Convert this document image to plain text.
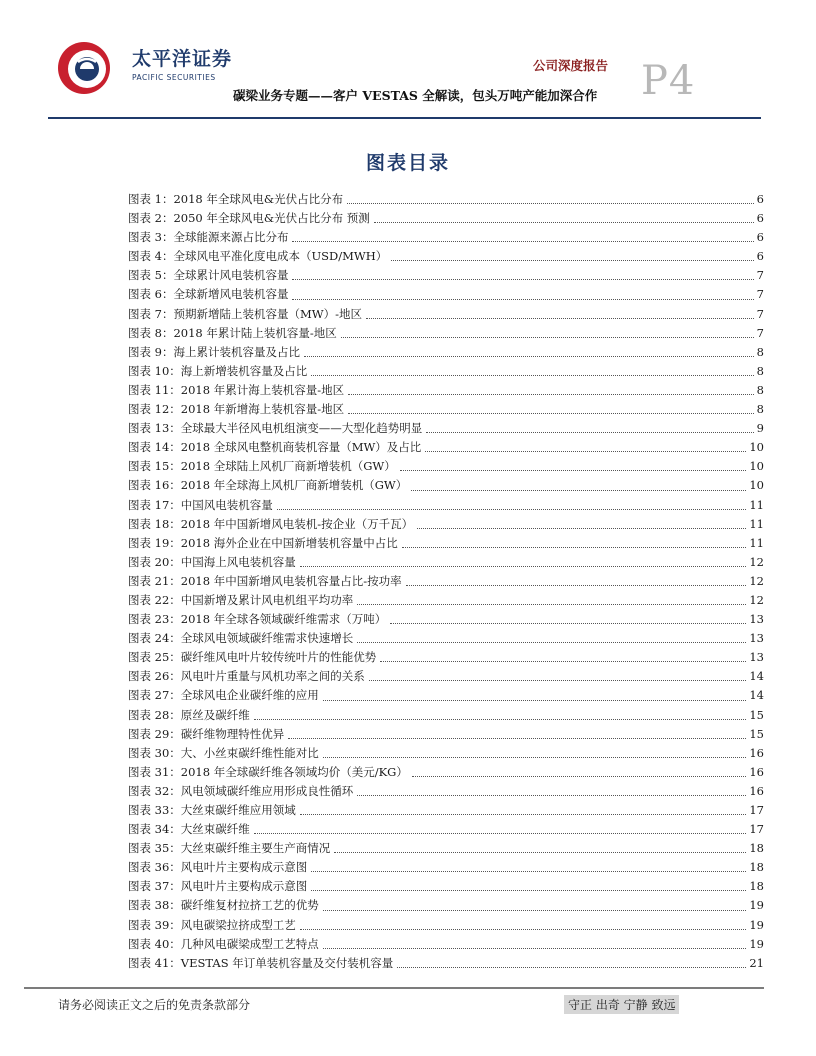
太平洋证券
PACIFIC SECURITIES
公司深度报告
碳梁业务专题——客户 VESTAS 全解读，包头万吨产能加深合作 P4
图表目录
图表 1：2018 年全球风电&光伏占比分布	6
图表 2：2050 年全球风电&光伏占比分布 预测	6
图表 3：全球能源来源占比分布	6
图表 4：全球风电平准化度电成本（USD/MWH）	6
图表 5：全球累计风电装机容量	7
图表 6：全球新增风电装机容量	7
图表 7：预期新增陆上装机容量（MW）-地区	7
图表 8：2018 年累计陆上装机容量-地区	7
图表 9：海上累计装机容量及占比	8
图表 10：海上新增装机容量及占比	8
图表 11：2018 年累计海上装机容量-地区	8
图表 12：2018 年新增海上装机容量-地区	8
图表 13：全球最大半径风电机组演变——大型化趋势明显	9
图表 14：2018 全球风电整机商装机容量（MW）及占比	10
图表 15：2018 全球陆上风机厂商新增装机（GW）	10
图表 16：2018 年全球海上风机厂商新增装机（GW）	10
图表 17：中国风电装机容量	11
图表 18：2018 年中国新增风电装机-按企业（万千瓦）	11
图表 19：2018 海外企业在中国新增装机容量中占比	11
图表 20：中国海上风电装机容量	12
图表 21：2018 年中国新增风电装机容量占比-按功率	12
图表 22：中国新增及累计风电机组平均功率	12
图表 23：2018 年全球各领域碳纤维需求（万吨）	13
图表 24：全球风电领域碳纤维需求快速增长	13
图表 25：碳纤维风电叶片较传统叶片的性能优势	13
图表 26：风电叶片重量与风机功率之间的关系	14
图表 27：全球风电企业碳纤维的应用	14
图表 28：原丝及碳纤维	15
图表 29：碳纤维物理特性优异	15
图表 30：大、小丝束碳纤维性能对比	16
图表 31：2018 年全球碳纤维各领域均价（美元/KG）	16
图表 32：风电领域碳纤维应用形成良性循环	16
图表 33：大丝束碳纤维应用领域	17
图表 34：大丝束碳纤维	17
图表 35：大丝束碳纤维主要生产商情况	18
图表 36：风电叶片主要构成示意图	18
图表 37：风电叶片主要构成示意图	18
图表 38：碳纤维复材拉挤工艺的优势	19
图表 39：风电碳梁拉挤成型工艺	19
图表 40：几种风电碳梁成型工艺特点	19
图表 41：VESTAS 年订单装机容量及交付装机容量	21
请务必阅读正文之后的免责条款部分	守正 出奇 宁静 致远
